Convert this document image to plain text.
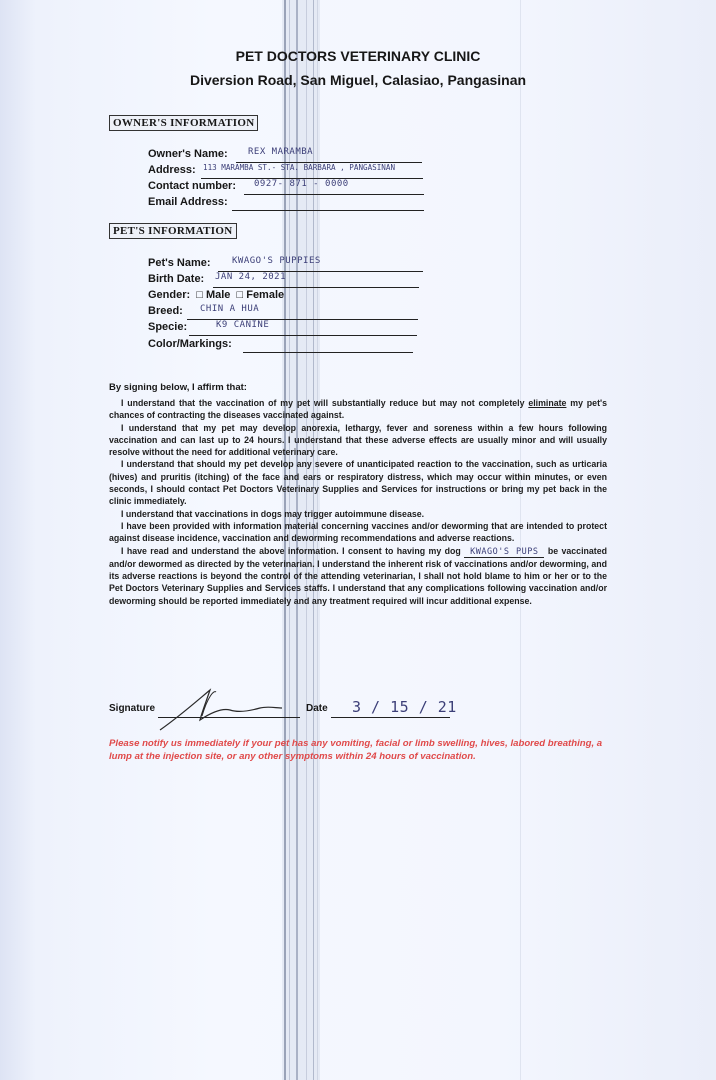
PET DOCTORS VETERINARY CLINIC
Diversion Road, San Miguel, Calasiao, Pangasinan
OWNER'S INFORMATION
Owner's Name: REX MARAMBA
Address: 113 MARAMBA ST.- STA. BARBARA , PANGASINAN
Contact number: 0927- 871 - 0000
Email Address:
PET'S INFORMATION
Pet's Name: KWAGO'S PUPPIES
Birth Date: JAN 24, 2021
Gender: □ Male □ Female
Breed: CHIN A HUA
Specie:	K9 CANINE
Color/Markings:
By signing below, I affirm that:

I understand that the vaccination of my pet will substantially reduce but may not completely eliminate my pet's chances of contracting the diseases vaccinated against.

I understand that my pet may develop anorexia, lethargy, fever and soreness within a few hours following vaccination and can last up to 24 hours. I understand that these adverse effects are usually minor and will usually resolve without the need for additional veterinary care.

I understand that should my pet develop any severe of unanticipated reaction to the vaccination, such as urticaria (hives) and pruritis (itching) of the face and ears or respiratory distress, which may occur within minutes, or even seconds, I should contact Pet Doctors Veterinary Supplies and Services for instructions or bring my pet back in the clinic immediately.

I understand that vaccinations in dogs may trigger autoimmune disease.

I have been provided with information material concerning vaccines and/or deworming that are intended to protect against disease incidence, vaccination and deworming recommendations and adverse reactions.

I have read and understand the above information. I consent to having my dog KWAGO'S PUPS be vaccinated and/or dewormed as directed by the veterinarian. I understand the inherent risk of vaccinations and/or deworming, and its adverse reactions is beyond the control of the attending veterinarian, I shall not hold blame to him or her or to the Pet Doctors Veterinary Supplies and Services staffs. I understand that any complications following vaccination and/or deworming should be reported immediately and any treatment required will incur additional expense.

Signature	Date 3 / 15 / 21
Please notify us immediately if your pet has any vomiting, facial or limb swelling, hives, labored breathing, a lump at the injection site, or any other symptoms within 24 hours of vaccination.
